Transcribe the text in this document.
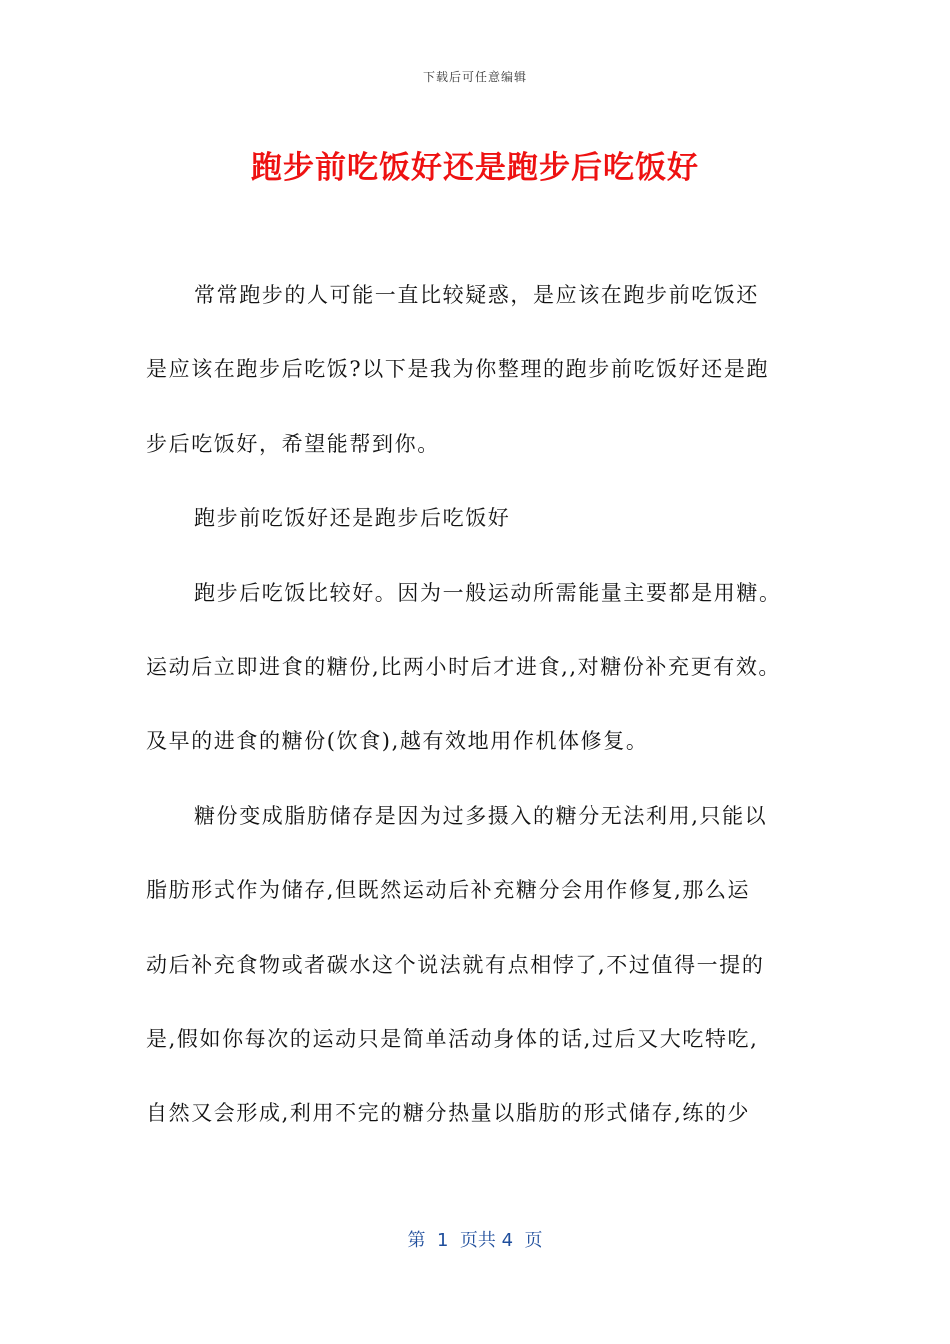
下载后可任意编辑
跑步前吃饭好还是跑步后吃饭好
常常跑步的人可能一直比较疑惑，是应该在跑步前吃饭还
是应该在跑步后吃饭?以下是我为你整理的跑步前吃饭好还是跑
步后吃饭好，希望能帮到你。
跑步前吃饭好还是跑步后吃饭好
跑步后吃饭比较好。因为一般运动所需能量主要都是用糖。
运动后立即进食的糖份,比两小时后才进食,,对糖份补充更有效。
及早的进食的糖份(饮食),越有效地用作机体修复。
糖份变成脂肪储存是因为过多摄入的糖分无法利用,只能以
脂肪形式作为储存,但既然运动后补充糖分会用作修复,那么运
动后补充食物或者碳水这个说法就有点相悖了,不过值得一提的
是,假如你每次的运动只是简单活动身体的话,过后又大吃特吃,
自然又会形成,利用不完的糖分热量以脂肪的形式储存,练的少
第  1  页共 4  页
